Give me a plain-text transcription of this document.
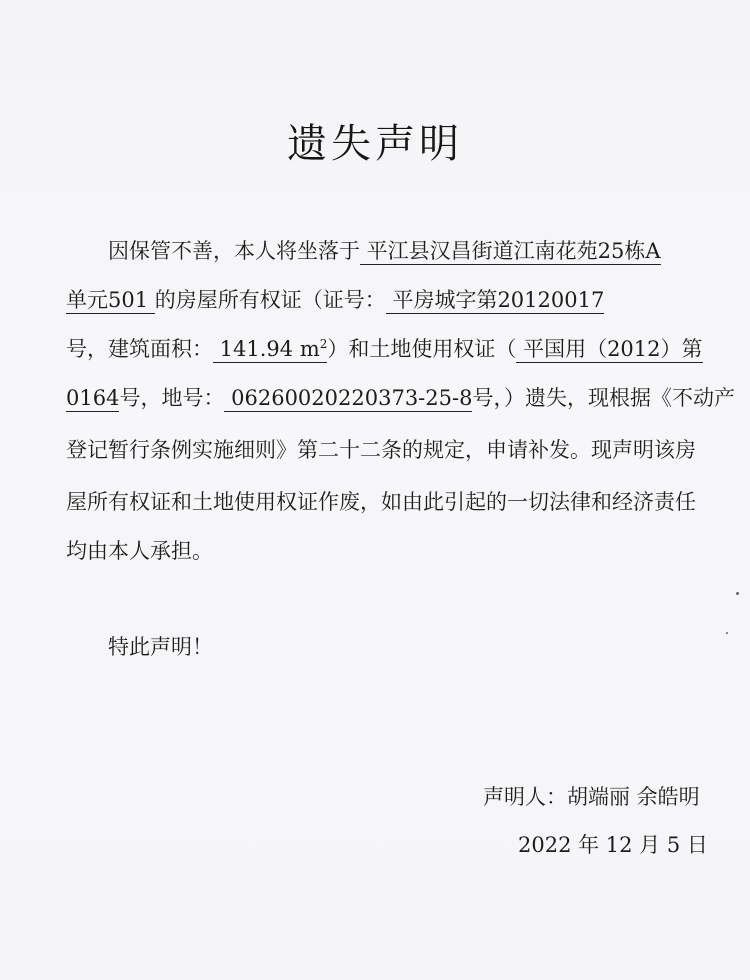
遗失声明
因保管不善，本人将坐落于 平江县汉昌街道江南花苑25栋A
单元501 的房屋所有权证（证号： 平房城字第20120017
号，建筑面积： 141.94 $m^2$）和土地使用权证（ 平国用（2012）第
0164号，地号： 06260020220373-25-8号，）遗失，现根据《不动产
登记暂行条例实施细则》第二十二条的规定，申请补发。现声明该房
屋所有权证和土地使用权证作废，如由此引起的一切法律和经济责任
均由本人承担。
特此声明！
声明人：胡端丽 余皓明
2022 年 12 月 5 日
